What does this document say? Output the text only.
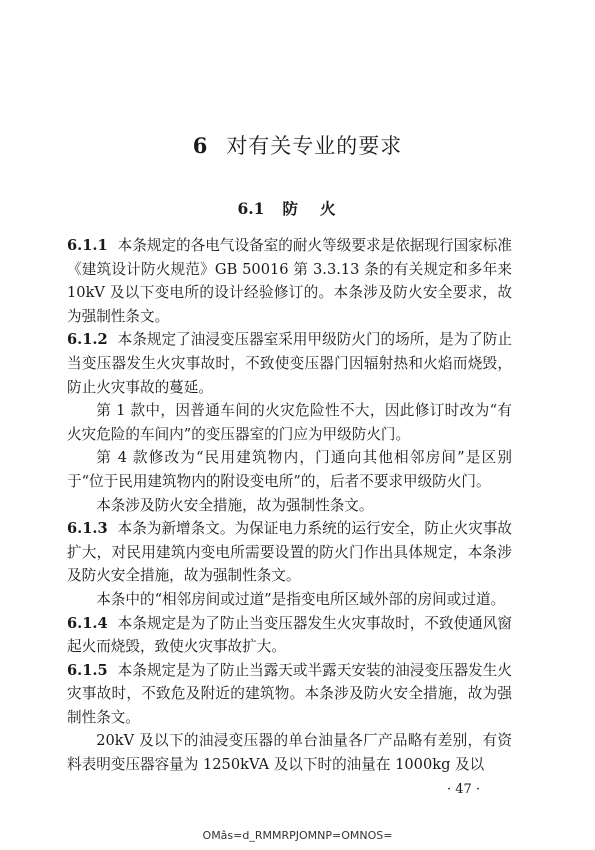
6 对有关专业的要求
6.1 防火

6.1.1 本条规定的各电气设备室的耐火等级要求是依据现行国家标准《建筑设计防火规范》GB 50016 第 3.3.13 条的有关规定和多年来 10kV 及以下变电所的设计经验修订的。本条涉及防火安全要求，故为强制性条文。

6.1.2 本条规定了油浸变压器室采用甲级防火门的场所，是为了防止当变压器发生火灾事故时，不致使变压器门因辐射热和火焰而烧毁，防止火灾事故的蔓延。

第 1 款中，因普通车间的火灾危险性不大，因此修订时改为“有火灾危险的车间内”的变压器室的门应为甲级防火门。

第 4 款修改为“民用建筑物内，门通向其他相邻房间”是区别于“位于民用建筑物内的附设变电所”的，后者不要求甲级防火门。

本条涉及防火安全措施，故为强制性条文。

6.1.3 本条为新增条文。为保证电力系统的运行安全，防止火灾事故扩大，对民用建筑内变电所需要设置的防火门作出具体规定，本条涉及防火安全措施，故为强制性条文。

本条中的“相邻房间或过道”是指变电所区域外部的房间或过道。

6.1.4 本条规定是为了防止当变压器发生火灾事故时，不致使通风窗起火而烧毁，致使火灾事故扩大。

6.1.5 本条规定是为了防止当露天或半露天安装的油浸变压器发生火灾事故时，不致危及附近的建筑物。本条涉及防火安全措施，故为强制性条文。

20kV 及以下的油浸变压器的单台油量各厂产品略有差别，有资料表明变压器容量为 1250kVA 及以下时的油量在 1000kg 及以

· 47 ·
OMâs=d_RMMRPJOMNP=OMNOS=
